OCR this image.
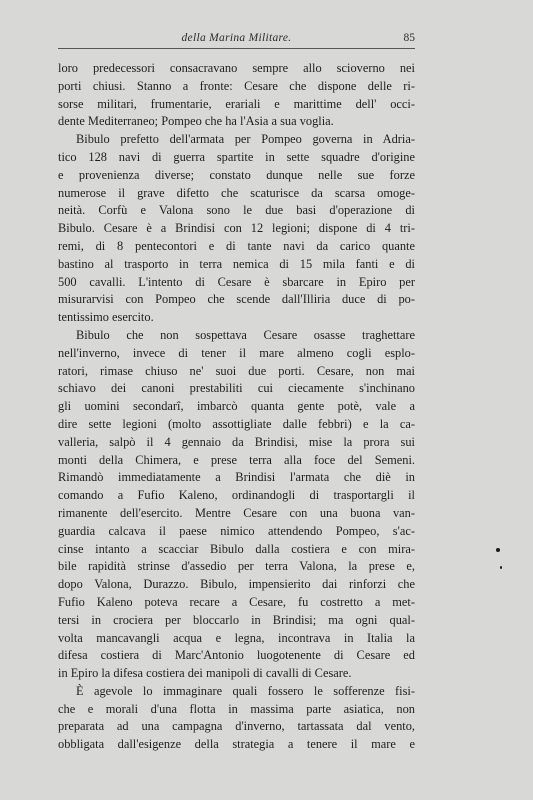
della Marina Militare.	85
loro predecessori consacravano sempre allo scioverno nei
porti chiusi. Stanno a fronte: Cesare che dispone delle ri-
sorse militari, frumentarie, erariali e marittime dell' occi-
dente Mediterraneo; Pompeo che ha l'Asia a sua voglia.
Bibulo prefetto dell'armata per Pompeo governa in Adria-
tico 128 navi di guerra spartite in sette squadre d'origine
e provenienza diverse; constato dunque nelle sue forze
numerose il grave difetto che scaturisce da scarsa omoge-
neità. Corfù e Valona sono le due basi d'operazione di
Bibulo. Cesare è a Brindisi con 12 legioni; dispone di 4 tri-
remi, di 8 pentecontori e di tante navi da carico quante
bastino al trasporto in terra nemica di 15 mila fanti e di
500 cavalli. L'intento di Cesare è sbarcare in Epiro per
misurarvisi con Pompeo che scende dall'Illiria duce di po-
tentissimo esercito.
Bibulo che non sospettava Cesare osasse traghettare
nell'inverno, invece di tener il mare almeno cogli esplo-
ratori, rimase chiuso ne' suoi due porti. Cesare, non mai
schiavo dei canoni prestabiliti cui ciecamente s'inchinano
gli uomini secondarî, imbarcò quanta gente potè, vale a
dire sette legioni (molto assottigliate dalle febbri) e la ca-
valleria, salpò il 4 gennaio da Brindisi, mise la prora sui
monti della Chimera, e prese terra alla foce del Semeni.
Rimandò immediatamente a Brindisi l'armata che diè in
comando a Fufio Kaleno, ordinandogli di trasportargli il
rimanente dell'esercito. Mentre Cesare con una buona van-
guardia calcava il paese nimico attendendo Pompeo, s'ac-
cinse intanto a scacciar Bibulo dalla costiera e con mira-
bile rapidità strinse d'assedio per terra Valona, la prese e,
dopo Valona, Durazzo. Bibulo, impensierito dai rinforzi che
Fufio Kaleno poteva recare a Cesare, fu costretto a met-
tersi in crociera per bloccarlo in Brindisi; ma ogni qual-
volta mancavangli acqua e legna, incontrava in Italia la
difesa costiera di Marc'Antonio luogotenente di Cesare ed
in Epiro la difesa costiera dei manipoli di cavalli di Cesare.
È agevole lo immaginare quali fossero le sofferenze fisi-
che e morali d'una flotta in massima parte asiatica, non
preparata ad una campagna d'inverno, tartassata dal vento,
obbligata dall'esigenze della strategia a tenere il mare e
